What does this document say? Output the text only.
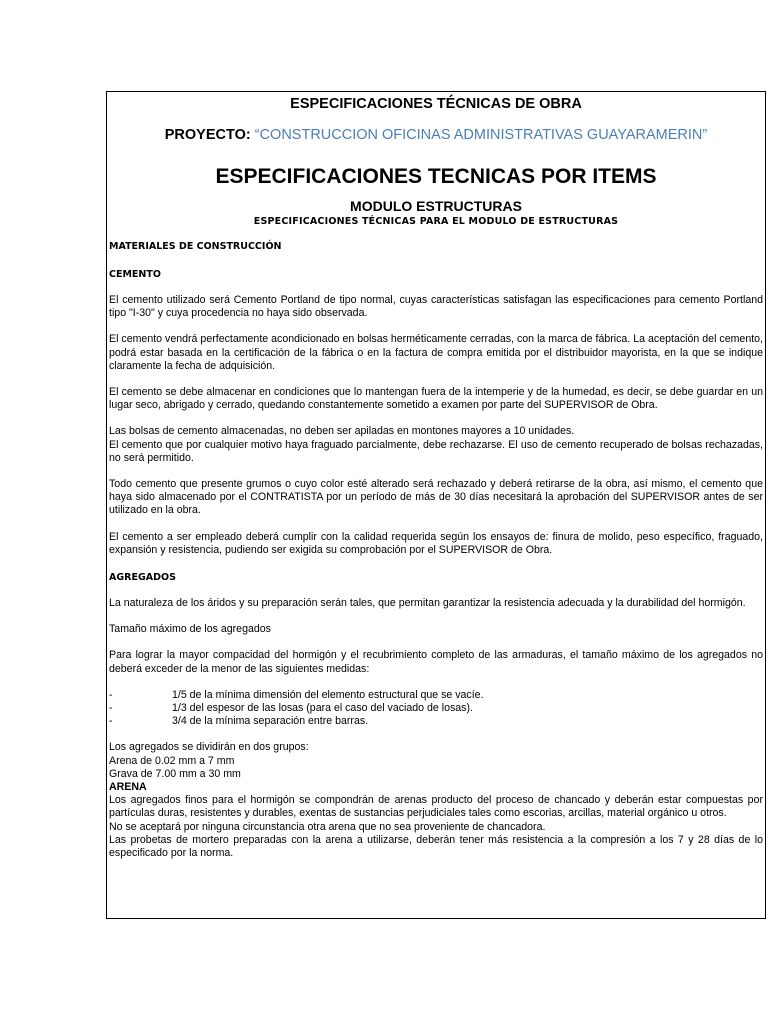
ESPECIFICACIONES TÉCNICAS DE OBRA
PROYECTO: “CONSTRUCCION OFICINAS ADMINISTRATIVAS GUAYARAMERIN”
ESPECIFICACIONES TECNICAS POR ITEMS
MODULO ESTRUCTURAS
ESPECIFICACIONES TÉCNICAS PARA EL MODULO DE ESTRUCTURAS
MATERIALES DE CONSTRUCCIÓN
CEMENTO

El cemento utilizado será Cemento Portland de tipo normal, cuyas características satisfagan las especificaciones para cemento Portland tipo "I-30" y cuya procedencia no haya sido observada.

El cemento vendrá perfectamente acondicionado en bolsas herméticamente cerradas, con la marca de fábrica. La aceptación del cemento, podrá estar basada en la certificación de la fábrica o en la factura de compra emitida por el distribuidor mayorista, en la que se indique claramente la fecha de adquisición.

El cemento se debe almacenar en condiciones que lo mantengan fuera de la intemperie y de la humedad, es decir, se debe guardar en un lugar seco, abrigado y cerrado, quedando constantemente sometido a examen por parte del SUPERVISOR de Obra.

Las bolsas de cemento almacenadas, no deben ser apiladas en montones mayores a 10 unidades.

El cemento que por cualquier motivo haya fraguado parcialmente, debe rechazarse. El uso de cemento recuperado de bolsas rechazadas, no será permitido.

Todo cemento que presente grumos o cuyo color esté alterado será rechazado y deberá retirarse de la obra, así mismo, el cemento que haya sido almacenado por el CONTRATISTA por un período de más de 30 días necesitará la aprobación del SUPERVISOR antes de ser utilizado en la obra.

El cemento a ser empleado deberá cumplir con la calidad requerida según los ensayos de: finura de molido, peso específico, fraguado, expansión y resistencia, pudiendo ser exigida su comprobación por el SUPERVISOR de Obra.

AGREGADOS

La naturaleza de los áridos y su preparación serán tales, que permitan garantizar la resistencia adecuada y la durabilidad del hormigón.

Tamaño máximo de los agregados

Para lograr la mayor compacidad del hormigón y el recubrimiento completo de las armaduras, el tamaño máximo de los agregados no deberá exceder de la menor de las siguientes medidas:

-	1/5 de la mínima dimensión del elemento estructural que se vacíe.
-	1/3 del espesor de las losas (para el caso del vaciado de losas).
-	3/4 de la mínima separación entre barras.

Los agregados se dividirán en dos grupos:

Arena de 0.02 mm a 7 mm

Grava de 7.00 mm a 30 mm

ARENA

Los agregados finos para el hormigón se compondrán de arenas producto del proceso de chancado y deberán estar compuestas por partículas duras, resistentes y durables, exentas de sustancias perjudiciales tales como escorias, arcillas, material orgánico u otros.

No se aceptará por ninguna circunstancia otra arena que no sea proveniente de chancadora.

Las probetas de mortero preparadas con la arena a utilizarse, deberán tener más resistencia a la compresión a los 7 y 28 días de lo especificado por la norma.
